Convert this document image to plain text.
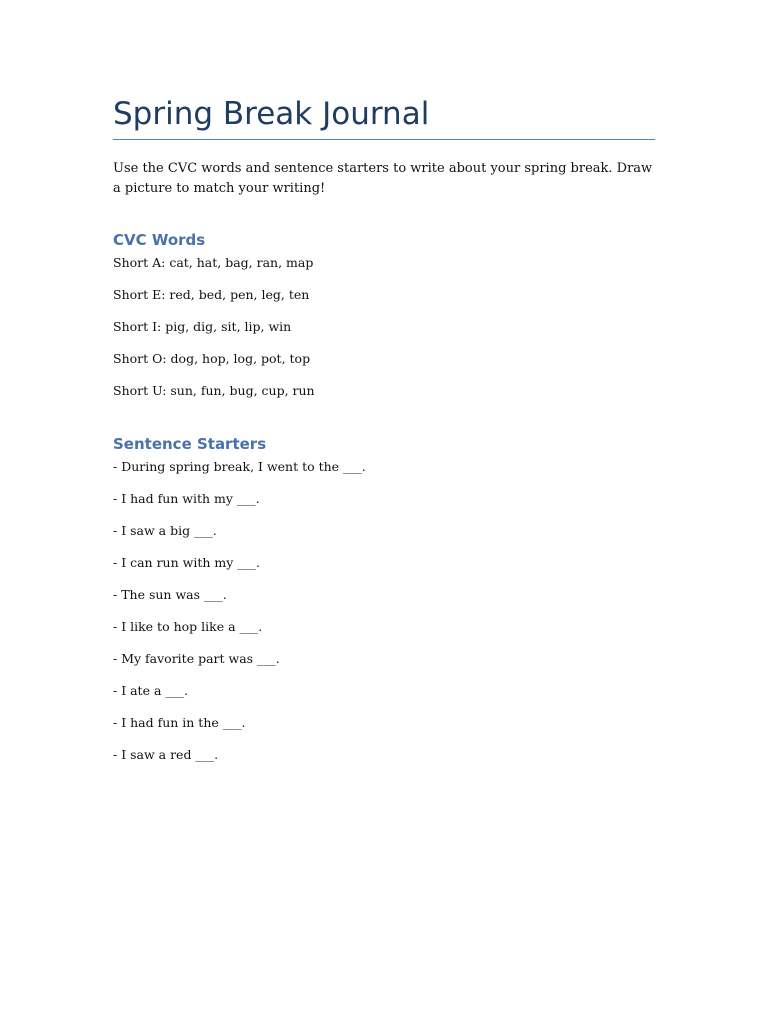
Spring Break Journal

Use the CVC words and sentence starters to write about your spring break. Draw a picture to match your writing!

CVC Words

Short A: cat, hat, bag, ran, map

Short E: red, bed, pen, leg, ten

Short I: pig, dig, sit, lip, win

Short O: dog, hop, log, pot, top

Short U: sun, fun, bug, cup, run

Sentence Starters

- During spring break, I went to the ___.

- I had fun with my ___.

- I saw a big ___.

- I can run with my ___.

- The sun was ___.

- I like to hop like a ___.

- My favorite part was ___.

- I ate a ___.

- I had fun in the ___.

- I saw a red ___.
